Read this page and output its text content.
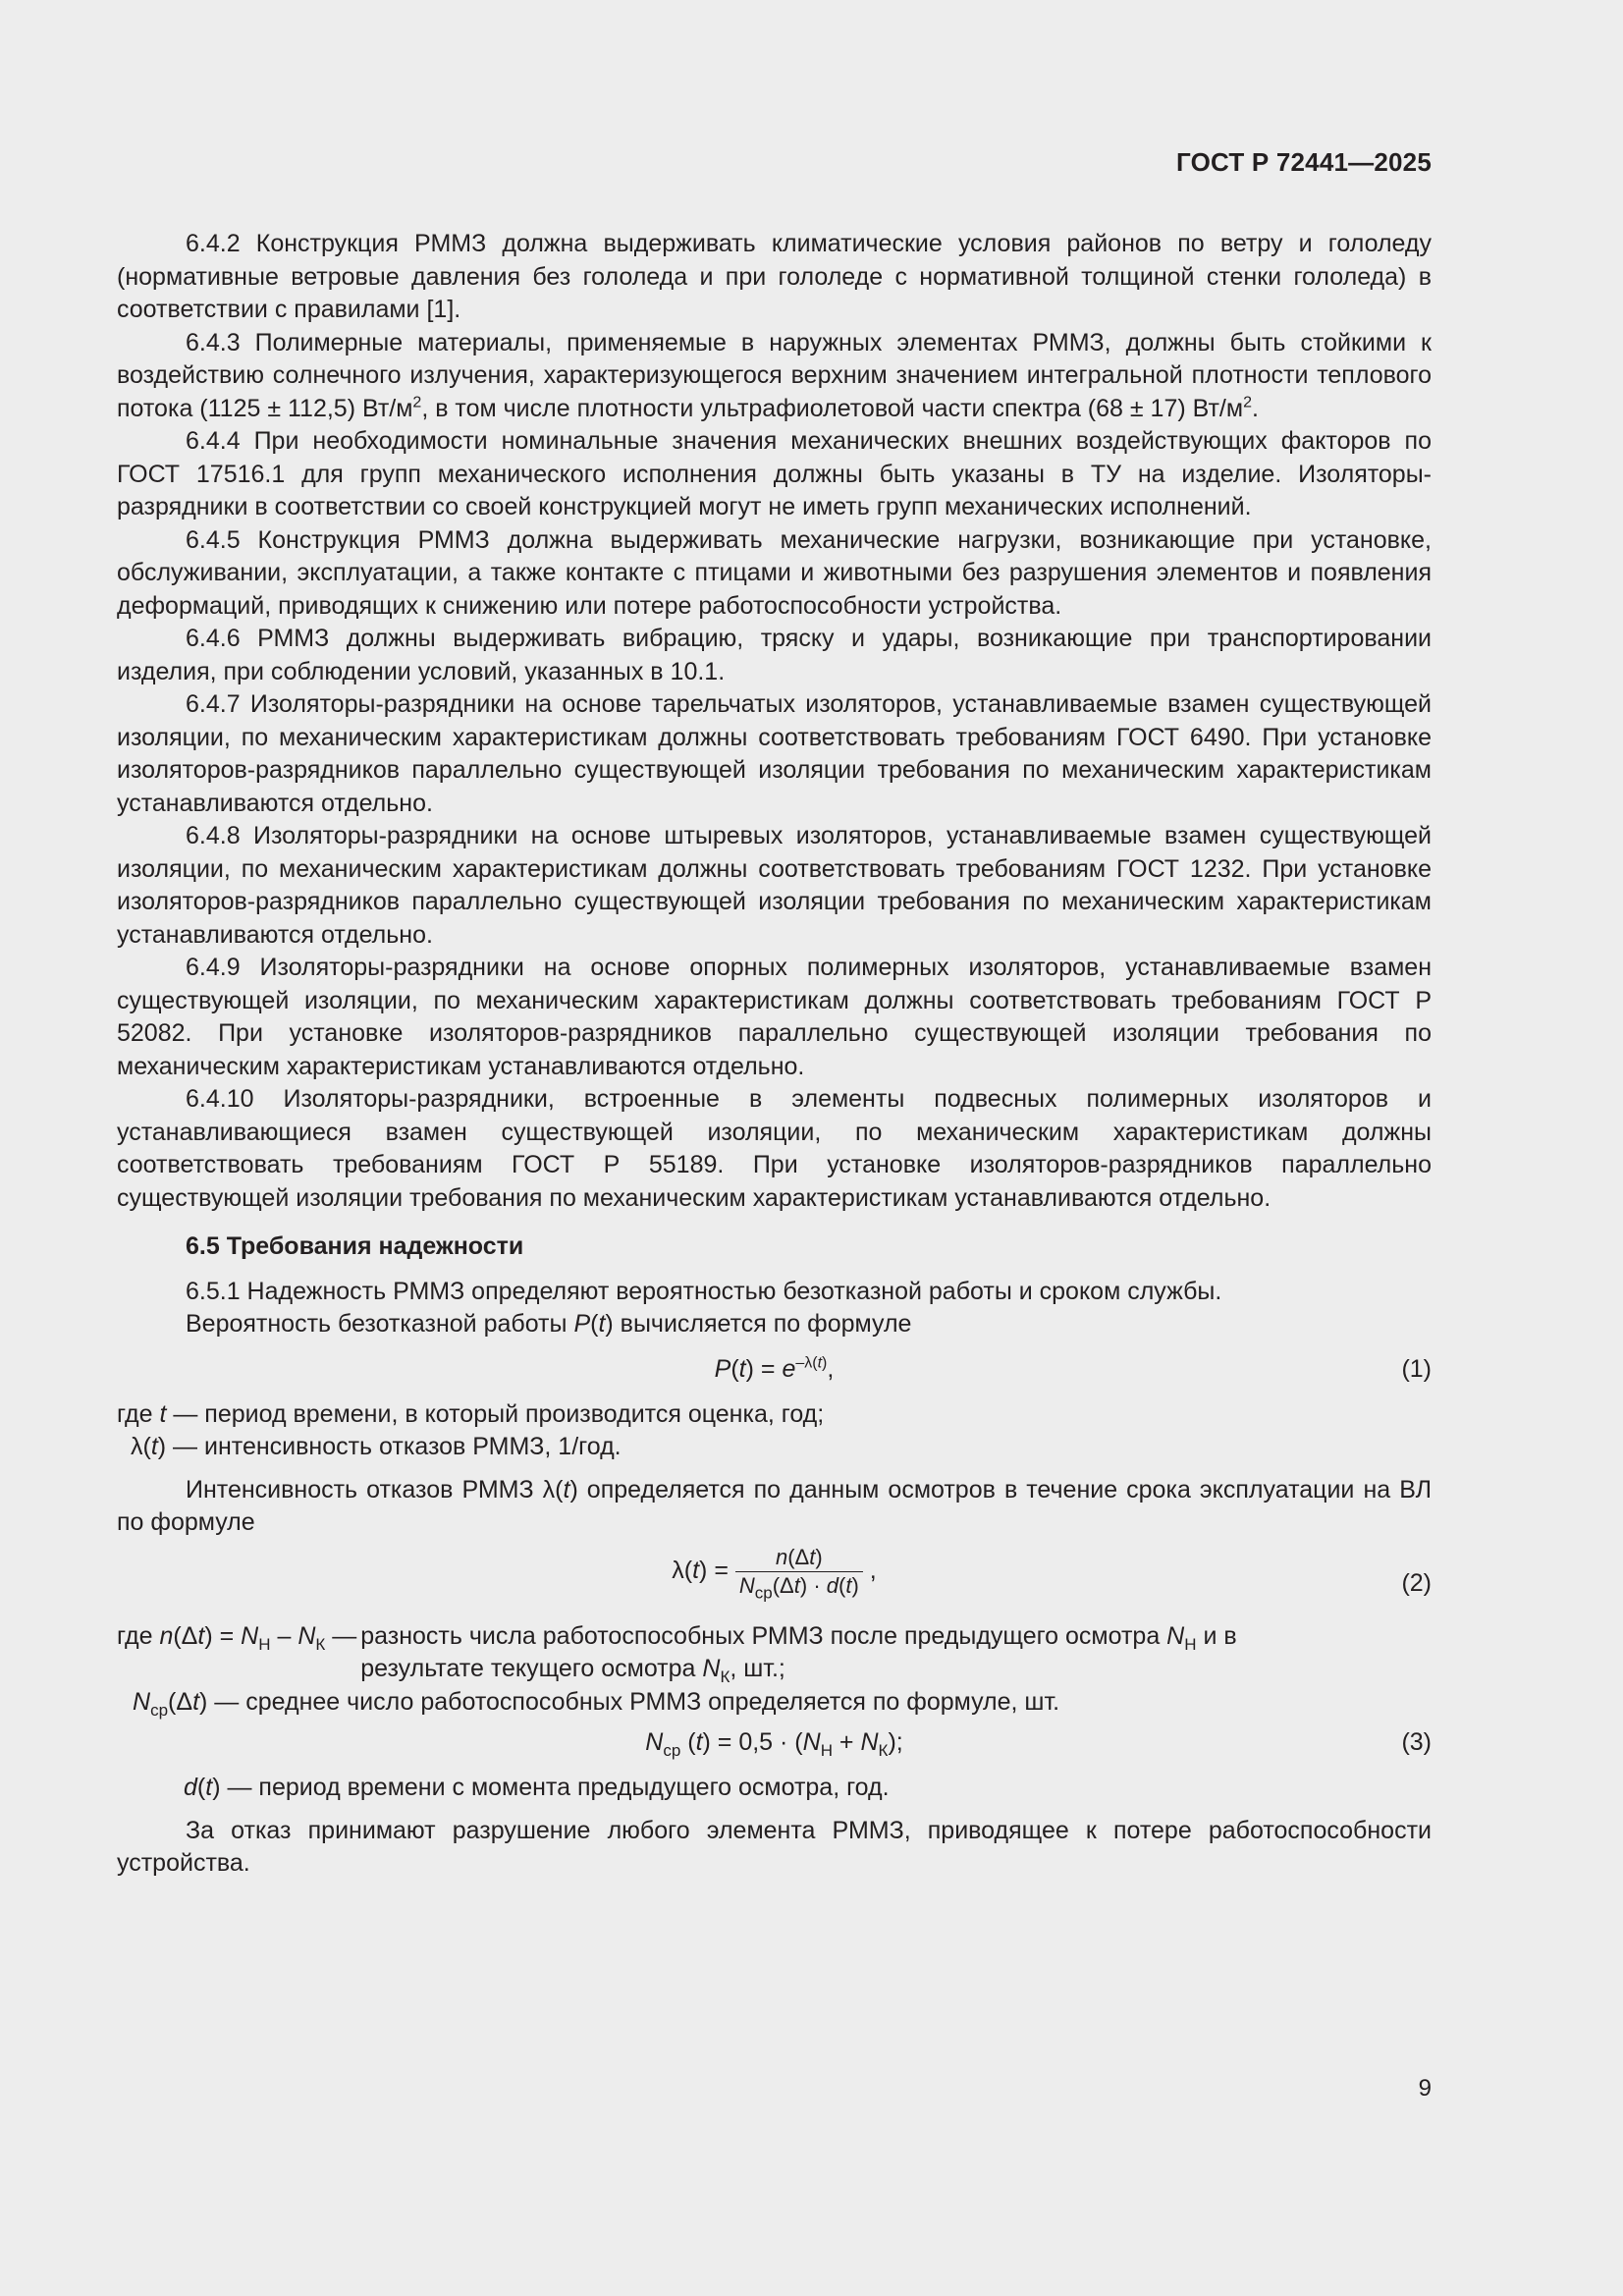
ГОСТ Р 72441—2025

6.4.2 Конструкция РММЗ должна выдерживать климатические условия районов по ветру и гололеду (нормативные ветровые давления без гололеда и при гололеде с нормативной толщиной стенки гололеда) в соответствии с правилами [1].

6.4.3 Полимерные материалы, применяемые в наружных элементах РММЗ, должны быть стойкими к воздействию солнечного излучения, характеризующегося верхним значением интегральной плотности теплового потока (1125 ± 112,5) $Вт/м^2$, в том числе плотности ультрафиолетовой части спектра (68 ± 17) $Вт/м^2$.

6.4.4 При необходимости номинальные значения механических внешних воздействующих факторов по ГОСТ 17516.1 для групп механического исполнения должны быть указаны в ТУ на изделие. Изоляторы-разрядники в соответствии со своей конструкцией могут не иметь групп механических исполнений.

6.4.5 Конструкция РММЗ должна выдерживать механические нагрузки, возникающие при установке, обслуживании, эксплуатации, а также контакте с птицами и животными без разрушения элементов и появления деформаций, приводящих к снижению или потере работоспособности устройства.

6.4.6 РММЗ должны выдерживать вибрацию, тряску и удары, возникающие при транспортировании изделия, при соблюдении условий, указанных в 10.1.

6.4.7 Изоляторы-разрядники на основе тарельчатых изоляторов, устанавливаемые взамен существующей изоляции, по механическим характеристикам должны соответствовать требованиям ГОСТ 6490. При установке изоляторов-разрядников параллельно существующей изоляции требования по механическим характеристикам устанавливаются отдельно.

6.4.8 Изоляторы-разрядники на основе штыревых изоляторов, устанавливаемые взамен существующей изоляции, по механическим характеристикам должны соответствовать требованиям ГОСТ 1232. При установке изоляторов-разрядников параллельно существующей изоляции требования по механическим характеристикам устанавливаются отдельно.

6.4.9 Изоляторы-разрядники на основе опорных полимерных изоляторов, устанавливаемые взамен существующей изоляции, по механическим характеристикам должны соответствовать требованиям ГОСТ Р 52082. При установке изоляторов-разрядников параллельно существующей изоляции требования по механическим характеристикам устанавливаются отдельно.

6.4.10 Изоляторы-разрядники, встроенные в элементы подвесных полимерных изоляторов и устанавливающиеся взамен существующей изоляции, по механическим характеристикам должны соответствовать требованиям ГОСТ Р 55189. При установке изоляторов-разрядников параллельно существующей изоляции требования по механическим характеристикам устанавливаются отдельно.

6.5 Требования надежности

6.5.1 Надежность РММЗ определяют вероятностью безотказной работы и сроком службы.

Вероятность безотказной работы P(t) вычисляется по формуле

$P(t) = e^{-\lambda(t)}$,	(1)
где t — период времени, в который производится оценка, год;
λ(t) — интенсивность отказов РММЗ, 1/год.

Интенсивность отказов РММЗ λ(t) определяется по данным осмотров в течение срока эксплуатации на ВЛ по формуле

$\lambda(t) = \frac{n(\Delta t)}{N_{ср}(\Delta t) \cdot d(t)}$ ,	(2)
где $n(\Delta t) = N_Н - N_К$ — разность числа работоспособных РММЗ после предыдущего осмотра $N_Н$ и в
результате текущего осмотра $N_К$, шт.;
$N_{ср}(\Delta t)$ — среднее число работоспособных РММЗ определяется по формуле, шт.
$N_{ср}$ $(t) = 0,5 \cdot (N_Н + N_К)$;	(3)
d(t) — период времени с момента предыдущего осмотра, год.

За отказ принимают разрушение любого элемента РММЗ, приводящее к потере работоспособности устройства.

9
